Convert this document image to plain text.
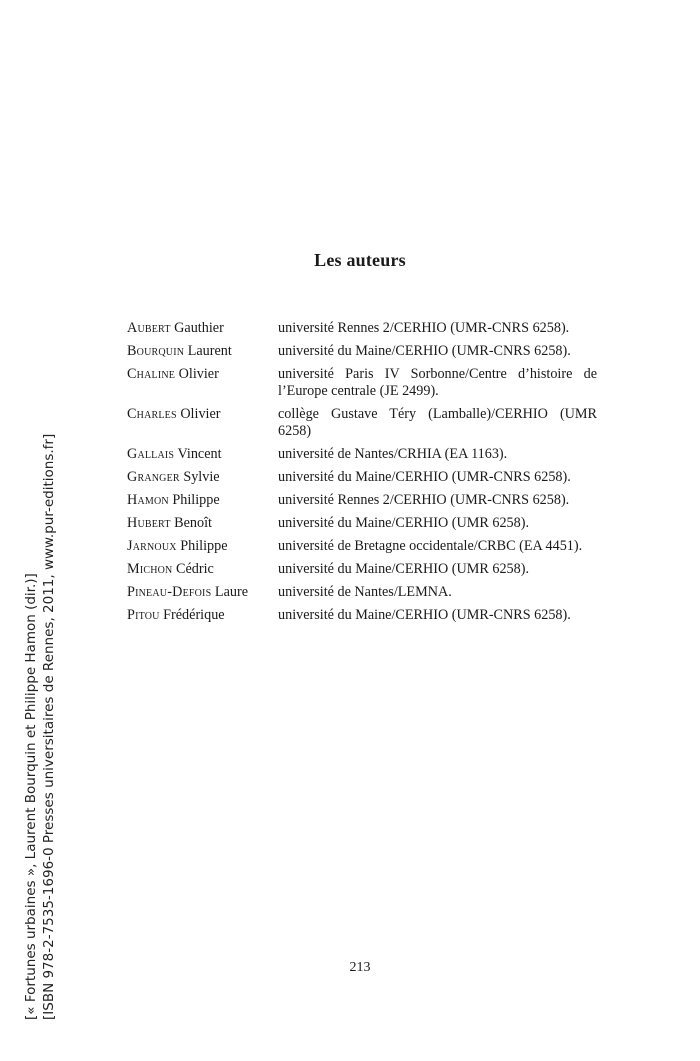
Les auteurs
Aubert Gauthier	université Rennes 2/CERHIO (UMR-CNRS 6258).
Bourquin Laurent	université du Maine/CERHIO (UMR-CNRS 6258).
Chaline Olivier	université Paris IV Sorbonne/Centre d’histoire de l’Europe centrale (JE 2499).
Charles Olivier	collège Gustave Téry (Lamballe)/CERHIO (UMR 6258)
Gallais Vincent	université de Nantes/CRHIA (EA 1163).
Granger Sylvie	université du Maine/CERHIO (UMR-CNRS 6258).
Hamon Philippe	université Rennes 2/CERHIO (UMR-CNRS 6258).
Hubert Benoît	université du Maine/CERHIO (UMR 6258).
Jarnoux Philippe	université de Bretagne occidentale/CRBC (EA 4451).
Michon Cédric	université du Maine/CERHIO (UMR 6258).
Pineau-Defois Laure	université de Nantes/LEMNA.
Pitou Frédérique	université du Maine/CERHIO (UMR-CNRS 6258).
213
[« Fortunes urbaines », Laurent Bourquin et Philippe Hamon (dir.)] [ISBN 978-2-7535-1696-0 Presses universitaires de Rennes, 2011, www.pur-editions.fr]
